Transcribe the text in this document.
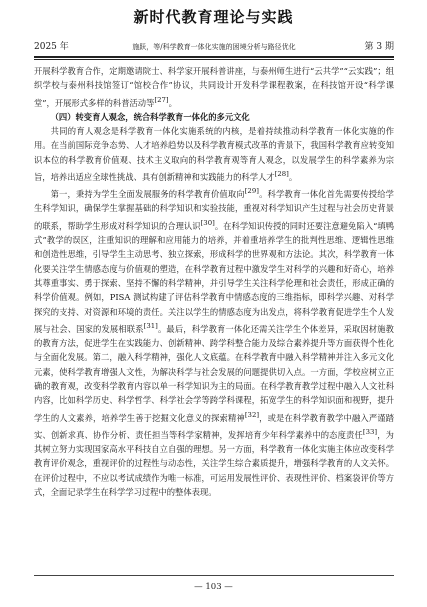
新时代教育理论与实践
2025 年	施跃，等/科学教育一体化实施的困境分析与路径优化	第 3 期

开展科学教育合作，定期邀请院士、科学家开展科普讲座，与泰州师生进行“云共学”“云实践”；组织学校与泰州科技馆签订“馆校合作”协议，共同设计开发科学课程教案，在科技馆开设“科学课堂”，开展形式多样的科普活动等[27]。

（四）转变育人观念，统合科学教育一体化的多元文化

共同的育人观念是科学教育一体化实施系统的内核，是着持续推动科学教育一体化实施的作用。在当前国际竞争态势、人才培养趋势以及科学教育模式改革的背景下，我国科学教育应转变知识本位的科学教育价值观、技术主义取向的科学教育观等育人观念，以发展学生的科学素养为宗旨，培养出适应全球性挑战、具有创新精神和实践能力的科学人才[28]。

第一，秉持为学生全面发展服务的科学教育价值取向[29]。科学教育一体化首先需要传授给学生科学知识，确保学生掌握基础的科学知识和实验技能，重视对科学知识产生过程与社会历史背景的联系，帮助学生形成对科学知识的合理认识[30]。在科学知识传授的同时还要注意避免陷入“填鸭式”教学的误区，注重知识的理解和应用能力的培养，并着重培养学生的批判性思维、逻辑性思维和创造性思维，引导学生主动思考、独立探索，形成科学的世界观和方法论。其次，科学教育一体化要关注学生情感态度与价值观的塑造，在科学教育过程中激发学生对科学的兴趣和好奇心，培养其尊重事实、勇于探索、坚持不懈的科学精神，并引导学生关注科学伦理和社会责任，形成正确的科学价值观。例如，PISA 测试构建了评估科学教育中情感态度的三维指标，即科学兴趣、对科学探究的支持、对资源和环境的责任。关注以学生的情感态度为出发点，将科学教育促进学生个人发展与社会、国家的发展相联系[31]。最后，科学教育一体化还需关注学生个体差异，采取因材施教的教育方法，促进学生在实践能力、创新精神、跨学科整合能力及综合素养提升等方面获得个性化与全面化发展。第二，融入科学精神，强化人文底蕴。在科学教育中融入科学精神并注入多元文化元素，使科学教育增强人文性，为解决科学与社会发展的问题提供切入点。一方面，学校应树立正确的教育观，改变科学教育内容以单一科学知识为主的局面。在科学教育教学过程中融入人文社科内容，比如科学历史、科学哲学、科学社会学等跨学科课程，拓宽学生的科学知识面和视野，提升学生的人文素养，培养学生善于挖掘文化意义的探索精神[32]，或是在科学教育教学中融入严谨踏实、创新求真、协作分析、责任担当等科学家精神，发挥培育少年科学素养中的态度责任[33]，为其树立努力实现国家高水平科技自立自强的理想。另一方面，科学教育一体化实施主体应改变科学教育评价观念，重视评价的过程性与动态性，关注学生综合素质提升，增强科学教育的人文关怀。在评价过程中，不应以考试成绩作为唯一标准，可运用发展性评价、表现性评价、档案袋评价等方式，全面记录学生在科学学习过程中的整体表现。

— 103 —
